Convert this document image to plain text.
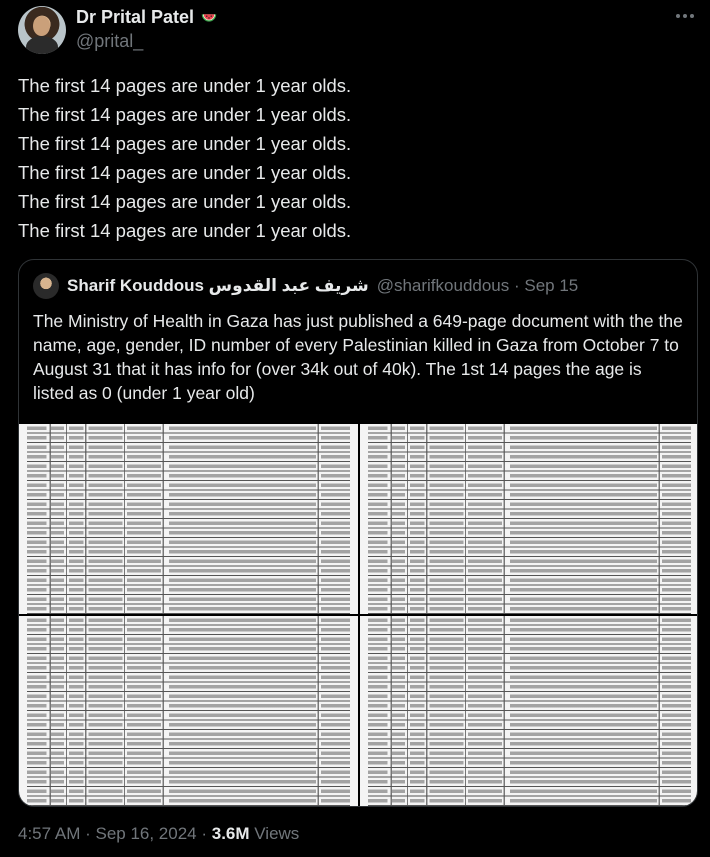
Dr Prital Patel
@prital_

The first 14 pages are under 1 year olds.

The first 14 pages are under 1 year olds.

The first 14 pages are under 1 year olds.

The first 14 pages are under 1 year olds.

The first 14 pages are under 1 year olds.

The first 14 pages are under 1 year olds.

Sharif Kouddous شريف عبد القدوس @sharifkouddous · Sep 15
The Ministry of Health in Gaza has just published a 649-page document with the the name, age, gender, ID number of every Palestinian killed in Gaza from October 7 to August 31 that it has info for (over 34k out of 40k). The 1st 14 pages the age is listed as 0 (under 1 year old)
4:57 AM · Sep 16, 2024 · 3.6M Views
